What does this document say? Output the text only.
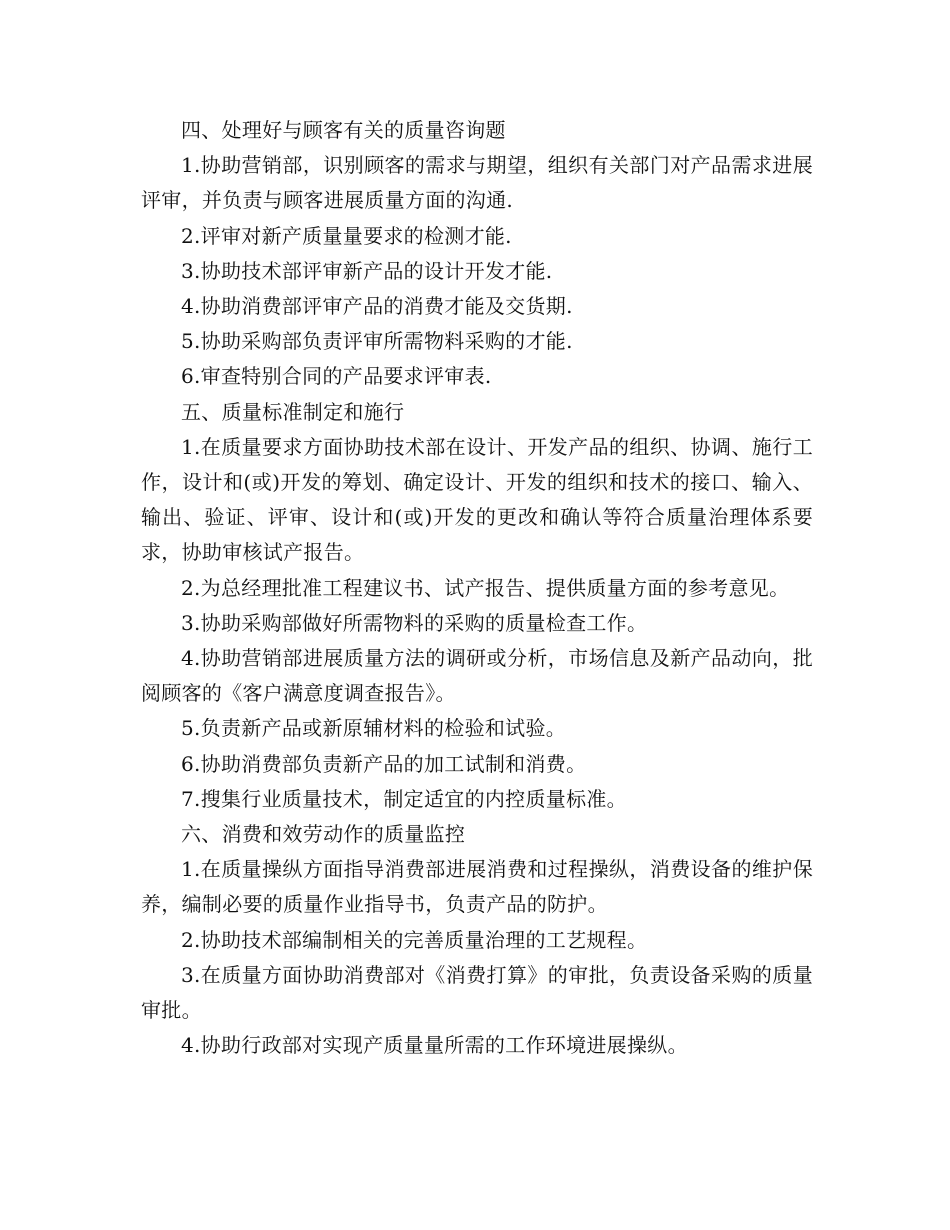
四、处理好与顾客有关的质量咨询题

1.协助营销部，识别顾客的需求与期望，组织有关部门对产品需求进展评审，并负责与顾客进展质量方面的沟通.

2.评审对新产质量量要求的检测才能.

3.协助技术部评审新产品的设计开发才能.

4.协助消费部评审产品的消费才能及交货期.

5.协助采购部负责评审所需物料采购的才能.

6.审查特别合同的产品要求评审表.

五、质量标准制定和施行

1.在质量要求方面协助技术部在设计、开发产品的组织、协调、施行工作，设计和(或)开发的筹划、确定设计、开发的组织和技术的接口、输入、输出、验证、评审、设计和(或)开发的更改和确认等符合质量治理体系要求，协助审核试产报告。

2.为总经理批准工程建议书、试产报告、提供质量方面的参考意见。

3.协助采购部做好所需物料的采购的质量检查工作。

4.协助营销部进展质量方法的调研或分析，市场信息及新产品动向，批阅顾客的《客户满意度调查报告》。

5.负责新产品或新原辅材料的检验和试验。

6.协助消费部负责新产品的加工试制和消费。

7.搜集行业质量技术，制定适宜的内控质量标准。

六、消费和效劳动作的质量监控

1.在质量操纵方面指导消费部进展消费和过程操纵，消费设备的维护保养，编制必要的质量作业指导书，负责产品的防护。

2.协助技术部编制相关的完善质量治理的工艺规程。

3.在质量方面协助消费部对《消费打算》的审批，负责设备采购的质量审批。

4.协助行政部对实现产质量量所需的工作环境进展操纵。
